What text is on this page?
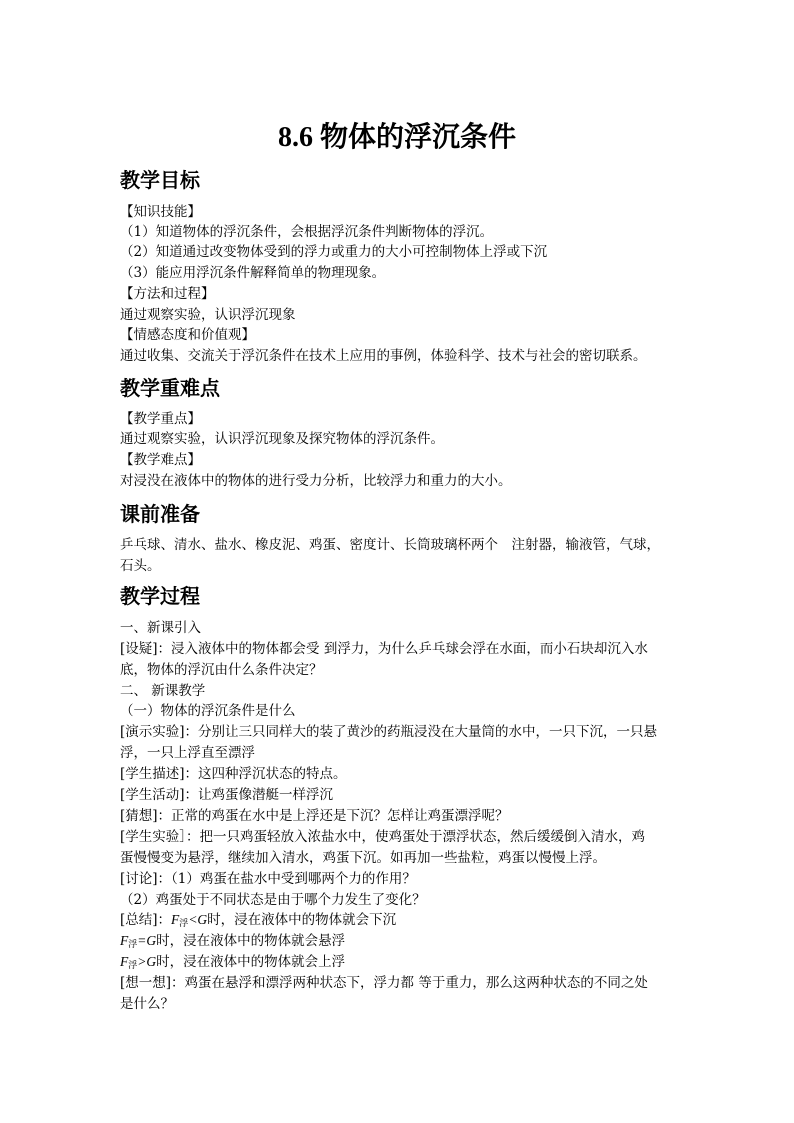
8.6 物体的浮沉条件
教学目标
【知识技能】
（1）知道物体的浮沉条件，会根据浮沉条件判断物体的浮沉。
（2）知道通过改变物体受到的浮力或重力的大小可控制物体上浮或下沉
（3）能应用浮沉条件解释简单的物理现象。
【方法和过程】
通过观察实验，认识浮沉现象
【情感态度和价值观】
通过收集、交流关于浮沉条件在技术上应用的事例，体验科学、技术与社会的密切联系。
教学重难点
【教学重点】
通过观察实验，认识浮沉现象及探究物体的浮沉条件。
【教学难点】
对浸没在液体中的物体的进行受力分析，比较浮力和重力的大小。
课前准备
乒乓球、清水、盐水、橡皮泥、鸡蛋、密度计、长筒玻璃杯两个　注射器，输液管，气球，
石头。
教学过程
一、新课引入
[设疑]：浸入液体中的物体都会受 到浮力，为什么乒乓球会浮在水面，而小石块却沉入水
底，物体的浮沉由什么条件决定？
二、 新课教学
（一）物体的浮沉条件是什么
[演示实验]：分别让三只同样大的装了黄沙的药瓶浸没在大量筒的水中，一只下沉，一只悬
浮，一只上浮直至漂浮
[学生描述]：这四种浮沉状态的特点。
[学生活动]：让鸡蛋像潜艇一样浮沉
[猜想]：正常的鸡蛋在水中是上浮还是下沉？怎样让鸡蛋漂浮呢？
[学生实验］：把一只鸡蛋轻放入浓盐水中，使鸡蛋处于漂浮状态，然后缓缓倒入清水，鸡
蛋慢慢变为悬浮，继续加入清水，鸡蛋下沉。如再加一些盐粒，鸡蛋以慢慢上浮。
[讨论]：（1）鸡蛋在盐水中受到哪两个力的作用？
（2）鸡蛋处于不同状态是由于哪个力发生了变化？
[总结]：$F_浮<G$时，浸在液体中的物体就会下沉
$F_浮=G$时，浸在液体中的物体就会悬浮
$F_浮>G$时，浸在液体中的物体就会上浮
[想一想]：鸡蛋在悬浮和漂浮两种状态下，浮力都 等于重力，那么这两种状态的不同之处
是什么？
